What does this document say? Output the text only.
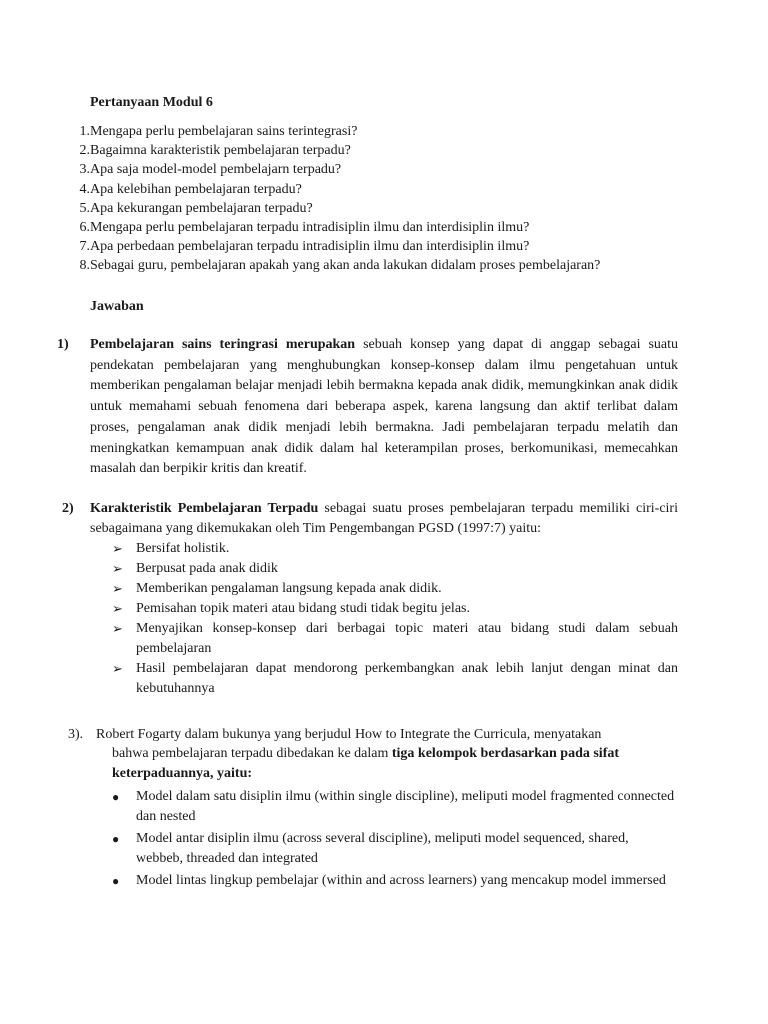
Pertanyaan Modul 6
1. Mengapa perlu pembelajaran sains terintegrasi?
2. Bagaimna karakteristik pembelajaran terpadu?
3. Apa saja model-model pembelajarn terpadu?
4. Apa kelebihan pembelajaran terpadu?
5. Apa kekurangan pembelajaran terpadu?
6. Mengapa perlu pembelajaran terpadu intradisiplin ilmu dan interdisiplin ilmu?
7. Apa perbedaan pembelajaran terpadu intradisiplin ilmu dan interdisiplin ilmu?
8. Sebagai guru, pembelajaran apakah yang akan anda lakukan didalam proses pembelajaran?
Jawaban
1) Pembelajaran sains teringrasi merupakan sebuah konsep yang dapat di anggap sebagai suatu pendekatan pembelajaran yang menghubungkan konsep-konsep dalam ilmu pengetahuan untuk memberikan pengalaman belajar menjadi lebih bermakna kepada anak didik, memungkinkan anak didik untuk memahami sebuah fenomena dari beberapa aspek, karena langsung dan aktif terlibat dalam proses, pengalaman anak didik menjadi lebih bermakna. Jadi pembelajaran terpadu melatih dan meningkatkan kemampuan anak didik dalam hal keterampilan proses, berkomunikasi, memecahkan masalah dan berpikir kritis dan kreatif.
2) Karakteristik Pembelajaran Terpadu sebagai suatu proses pembelajaran terpadu memiliki ciri-ciri sebagaimana yang dikemukakan oleh Tim Pengembangan PGSD (1997:7) yaitu:
➢ Bersifat holistik.
➢ Berpusat pada anak didik
➢ Memberikan pengalaman langsung kepada anak didik.
➢ Pemisahan topik materi atau bidang studi tidak begitu jelas.
➢ Menyajikan konsep-konsep dari berbagai topic materi atau bidang studi dalam sebuah pembelajaran
➢ Hasil pembelajaran dapat mendorong perkembangkan anak lebih lanjut dengan minat dan kebutuhannya
3). Robert Fogarty dalam bukunya yang berjudul How to Integrate the Curricula, menyatakan
bahwa pembelajaran terpadu dibedakan ke dalam tiga kelompok berdasarkan pada sifat
keterpaduannya, yaitu:
●	Model dalam satu disiplin ilmu (within single discipline), meliputi model fragmented connected dan nested
●	Model antar disiplin ilmu (across several discipline), meliputi model sequenced, shared, webbeb, threaded dan integrated
●	Model lintas lingkup pembelajar (within and across learners) yang mencakup model immersed
